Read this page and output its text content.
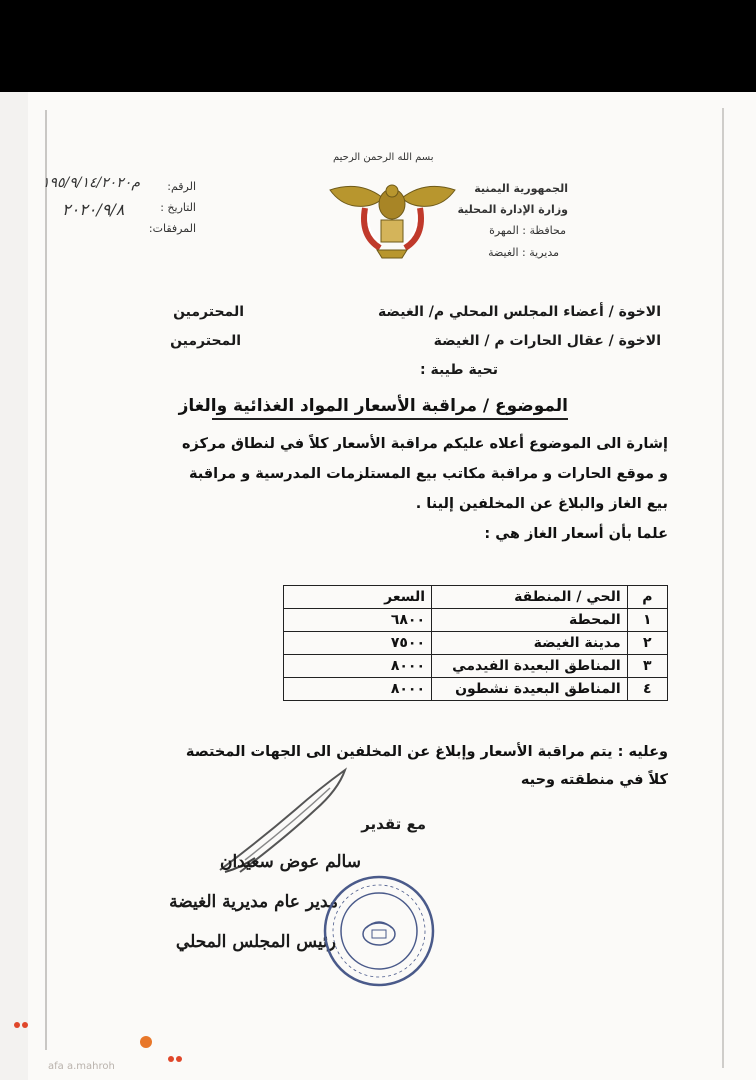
بسم الله الرحمن الرحيم
الجمهورية اليمنية
وزارة الإدارة المحلية
محافظة : المهرة
مديرية : الغيضة
الرقم:
م١٩٥/٩/١٤/٢٠٢٠
التاريخ :
٢٠٢٠/٩/٨
المرفقات:
الاخوة / أعضاء المجلس المحلي م/ الغيضة
المحترمين
الاخوة / عقال الحارات م / الغيضة
المحترمين
تحية طيبة :
الموضوع / مراقبة الأسعار المواد الغذائية والغاز
إشارة الى الموضوع أعلاه عليكم مراقبة الأسعار كلاً في لنطاق مركزه
و موقع الحارات و مراقبة مكاتب بيع المستلزمات المدرسية و مراقبة
بيع الغاز والبلاغ عن المخلفين إلينا .
علما بأن أسعار الغاز هي :
م	الحي / المنطقة	السعر
١	المحطة	٦٨٠٠
٢	مدينة الغيضة	٧٥٠٠
٣	المناطق البعيدة الفيدمي	٨٠٠٠
٤	المناطق البعيدة نشطون	٨٠٠٠
وعليه : يتم مراقبة الأسعار وإبلاغ عن المخلفين الى الجهات المختصة
كلاً في منطقته وحيه
مع تقدير
سالم عوض سعيدان
مدير عام مديرية الغيضة
رئيس المجلس المحلي
afa a.mahroh
